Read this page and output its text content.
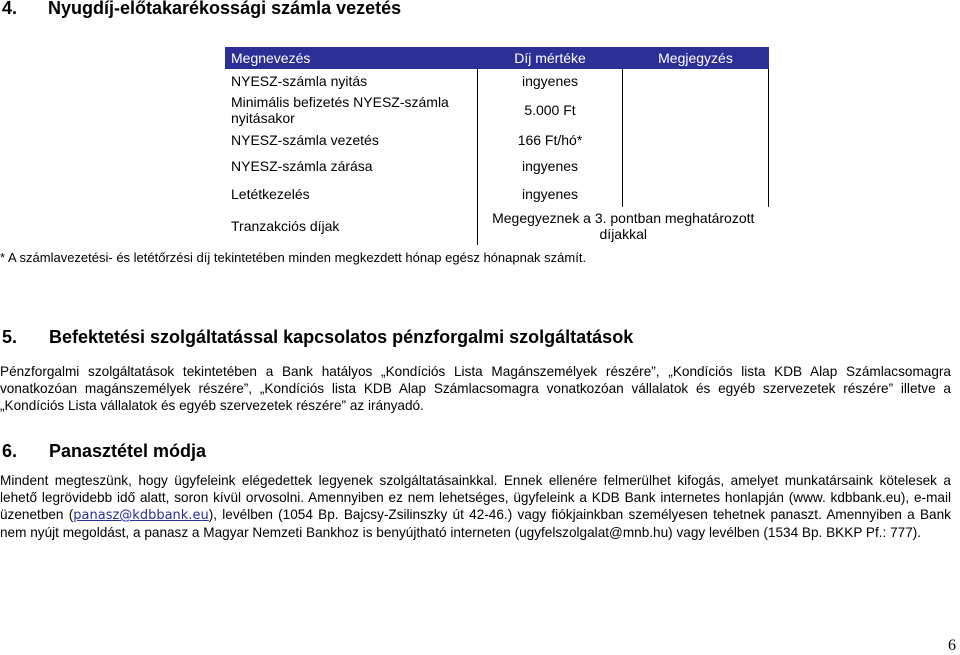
4. Nyugdíj-előtakarékossági számla vezetés
Megnevezés	Díj mértéke	Megjegyzés
NYESZ-számla nyitás	ingyenes	
Minimális befizetés NYESZ-számla nyitásakor	5.000 Ft	
NYESZ-számla vezetés	166 Ft/hó*	
NYESZ-számla zárása	ingyenes	
Letétkezelés	ingyenes	
Tranzakciós díjak	Megegyeznek a 3. pontban meghatározott díjakkal	
* A számlavezetési- és letétőrzési díj tekintetében minden megkezdett hónap egész hónapnak számít.
5. Befektetési szolgáltatással kapcsolatos pénzforgalmi szolgáltatások
Pénzforgalmi szolgáltatások tekintetében a Bank hatályos „Kondíciós Lista Magánszemélyek részére”, „Kondíciós lista KDB Alap Számlacsomagra vonatkozóan magánszemélyek részére”, „Kondíciós lista KDB Alap Számlacsomagra vonatkozóan vállalatok és egyéb szervezetek részére” illetve a „Kondíciós Lista vállalatok és egyéb szervezetek részére” az irányadó.
6. Panasztétel módja
Mindent megteszünk, hogy ügyfeleink elégedettek legyenek szolgáltatásainkkal. Ennek ellenére felmerülhet kifogás, amelyet munkatársaink kötelesek a lehető legrövidebb idő alatt, soron kívül orvosolni. Amennyiben ez nem lehetséges, ügyfeleink a KDB Bank internetes honlapján (www. kdbbank.eu), e-mail üzenetben (panasz@kdbbank.eu), levélben (1054 Bp. Bajcsy-Zsilinszky út 42-46.) vagy fiókjainkban személyesen tehetnek panaszt. Amennyiben a Bank nem nyújt megoldást, a panasz a Magyar Nemzeti Bankhoz is benyújtható interneten (ugyfelszolgalat@mnb.hu) vagy levélben (1534 Bp. BKKP Pf.: 777).
6
